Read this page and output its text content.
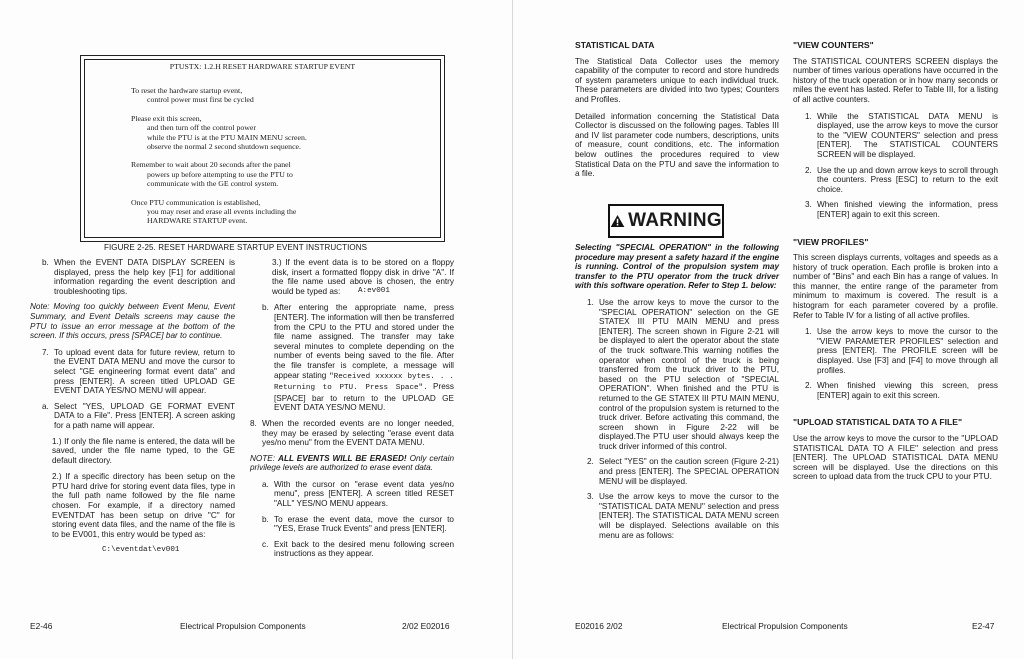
PTUSTX: 1.2.H RESET HARDWARE STARTUP EVENT
To reset the hardware startup event,
control power must first be cycled
Please exit this screen,
and then turn off the control power
while the PTU is at the PTU MAIN MENU screen.
observe the normal 2 second shutdown sequence.
Remember to wait about 20 seconds after the panel
powers up before attempting to use the PTU to
communicate with the GE control system.
Once PTU communication is established,
you may reset and erase all events including the
HARDWARE STARTUP event.
FIGURE 2-25. RESET HARDWARE STARTUP EVENT INSTRUCTIONS
b. When the EVENT DATA DISPLAY SCREEN is displayed, press the help key [F1] for additional information regarding the event description and troubleshooting tips.

Note: Moving too quickly between Event Menu, Event Summary, and Event Details screens may cause the PTU to issue an error message at the bottom of the screen. If this occurs, press [SPACE] bar to continue.

7. To upload event data for future review, return to the EVENT DATA MENU and move the cursor to select "GE engineering format event data" and press [ENTER]. A screen titled UPLOAD GE EVENT DATA YES/NO MENU will appear.
a. Select "YES, UPLOAD GE FORMAT EVENT DATA to a File". Press [ENTER]. A screen asking for a path name will appear.

1.) If only the file name is entered, the data will be saved, under the file name typed, to the GE default directory.

2.) If a specific directory has been setup on the PTU hard drive for storing event data files, type in the full path name followed by the file name chosen. For example, if a directory named EVENTDAT has been setup on drive "C" for storing event data files, and the name of the file is to be EV001, this entry would be typed as:

C:\eventdat\ev001

3.) If the event data is to be stored on a floppy disk, insert a formatted floppy disk in drive "A". If the file name used above is chosen, the entry would be typed as:	A:ev001

b. After entering the appropriate name, press [ENTER]. The information will then be transferred from the CPU to the PTU and stored under the file name assigned. The transfer may take several minutes to complete depending on the number of events being saved to the file. After the file transfer is complete, a message will appear stating "Received xxxxxx bytes. . . Returning to PTU. Press Space". Press [SPACE] bar to return to the UPLOAD GE EVENT DATA YES/NO MENU.
8. When the recorded events are no longer needed, they may be erased by selecting "erase event data yes/no menu" from the EVENT DATA MENU.

NOTE: ALL EVENTS WILL BE ERASED! Only certain privilege levels are authorized to erase event data.

a. With the cursor on "erase event data yes/no menu", press [ENTER]. A screen titled RESET "ALL" YES/NO MENU appears.
b. To erase the event data, move the cursor to "YES, Erase Truck Events" and press [ENTER].
c. Exit back to the desired menu following screen instructions as they appear.
E2-46	Electrical Propulsion Components	2/02 E02016
STATISTICAL DATA

The Statistical Data Collector uses the memory capability of the computer to record and store hundreds of system parameters unique to each individual truck. These parameters are divided into two types; Counters and Profiles.

Detailed information concerning the Statistical Data Collector is discussed on the following pages. Tables III and IV list parameter code numbers, descriptions, units of measure, count conditions, etc. The information below outlines the procedures required to view Statistical Data on the PTU and save the information to a file.

WARNING

Selecting "SPECIAL OPERATION" in the following procedure may present a safety hazard if the engine is running. Control of the propulsion system may transfer to the PTU operator from the truck driver with this software operation. Refer to Step 1. below:

1. Use the arrow keys to move the cursor to the "SPECIAL OPERATION" selection on the GE STATEX III PTU MAIN MENU and press [ENTER]. The screen shown in Figure 2-21 will be displayed to alert the operator about the state of the truck software.This warning notifies the operator when control of the truck is being transferred from the truck driver to the PTU, based on the PTU selection of "SPECIAL OPERATION". When finished and the PTU is returned to the GE STATEX III PTU MAIN MENU, control of the propulsion system is returned to the truck driver. Before activating this command, the screen shown in Figure 2-22 will be displayed.The PTU user should always keep the truck driver informed of this control.
2. Select "YES" on the caution screen (Figure 2-21) and press [ENTER]. The SPECIAL OPERATION MENU will be displayed.
3. Use the arrow keys to move the cursor to the "STATISTICAL DATA MENU" selection and press [ENTER]. The STATISTICAL DATA MENU screen will be displayed. Selections available on this menu are as follows:
"VIEW COUNTERS"

The STATISTICAL COUNTERS SCREEN displays the number of times various operations have occurred in the history of the truck operation or in how many seconds or miles the event has lasted. Refer to Table III, for a listing of all active counters.

1. While the STATISTICAL DATA MENU is displayed, use the arrow keys to move the cursor to the "VIEW COUNTERS" selection and press [ENTER]. The STATISTICAL COUNTERS SCREEN will be displayed.
2. Use the up and down arrow keys to scroll through the counters. Press [ESC] to return to the exit choice.
3. When finished viewing the information, press [ENTER] again to exit this screen.
"VIEW PROFILES"

This screen displays currents, voltages and speeds as a history of truck operation. Each profile is broken into a number of "Bins" and each Bin has a range of values. In this manner, the entire range of the parameter from minimum to maximum is covered. The result is a histogram for each parameter covered by a profile. Refer to Table IV for a listing of all active profiles.

1. Use the arrow keys to move the cursor to the "VIEW PARAMETER PROFILES" selection and press [ENTER]. The PROFILE screen will be displayed. Use [F3] and [F4] to move through all profiles.
2. When finished viewing this screen, press [ENTER] again to exit this screen.
"UPLOAD STATISTICAL DATA TO A FILE"

Use the arrow keys to move the cursor to the "UPLOAD STATISTICAL DATA TO A FILE" selection and press [ENTER]. The UPLOAD STATISTICAL DATA MENU screen will be displayed. Use the directions on this screen to upload data from the truck CPU to your PTU.

E02016 2/02	Electrical Propulsion Components	E2-47
